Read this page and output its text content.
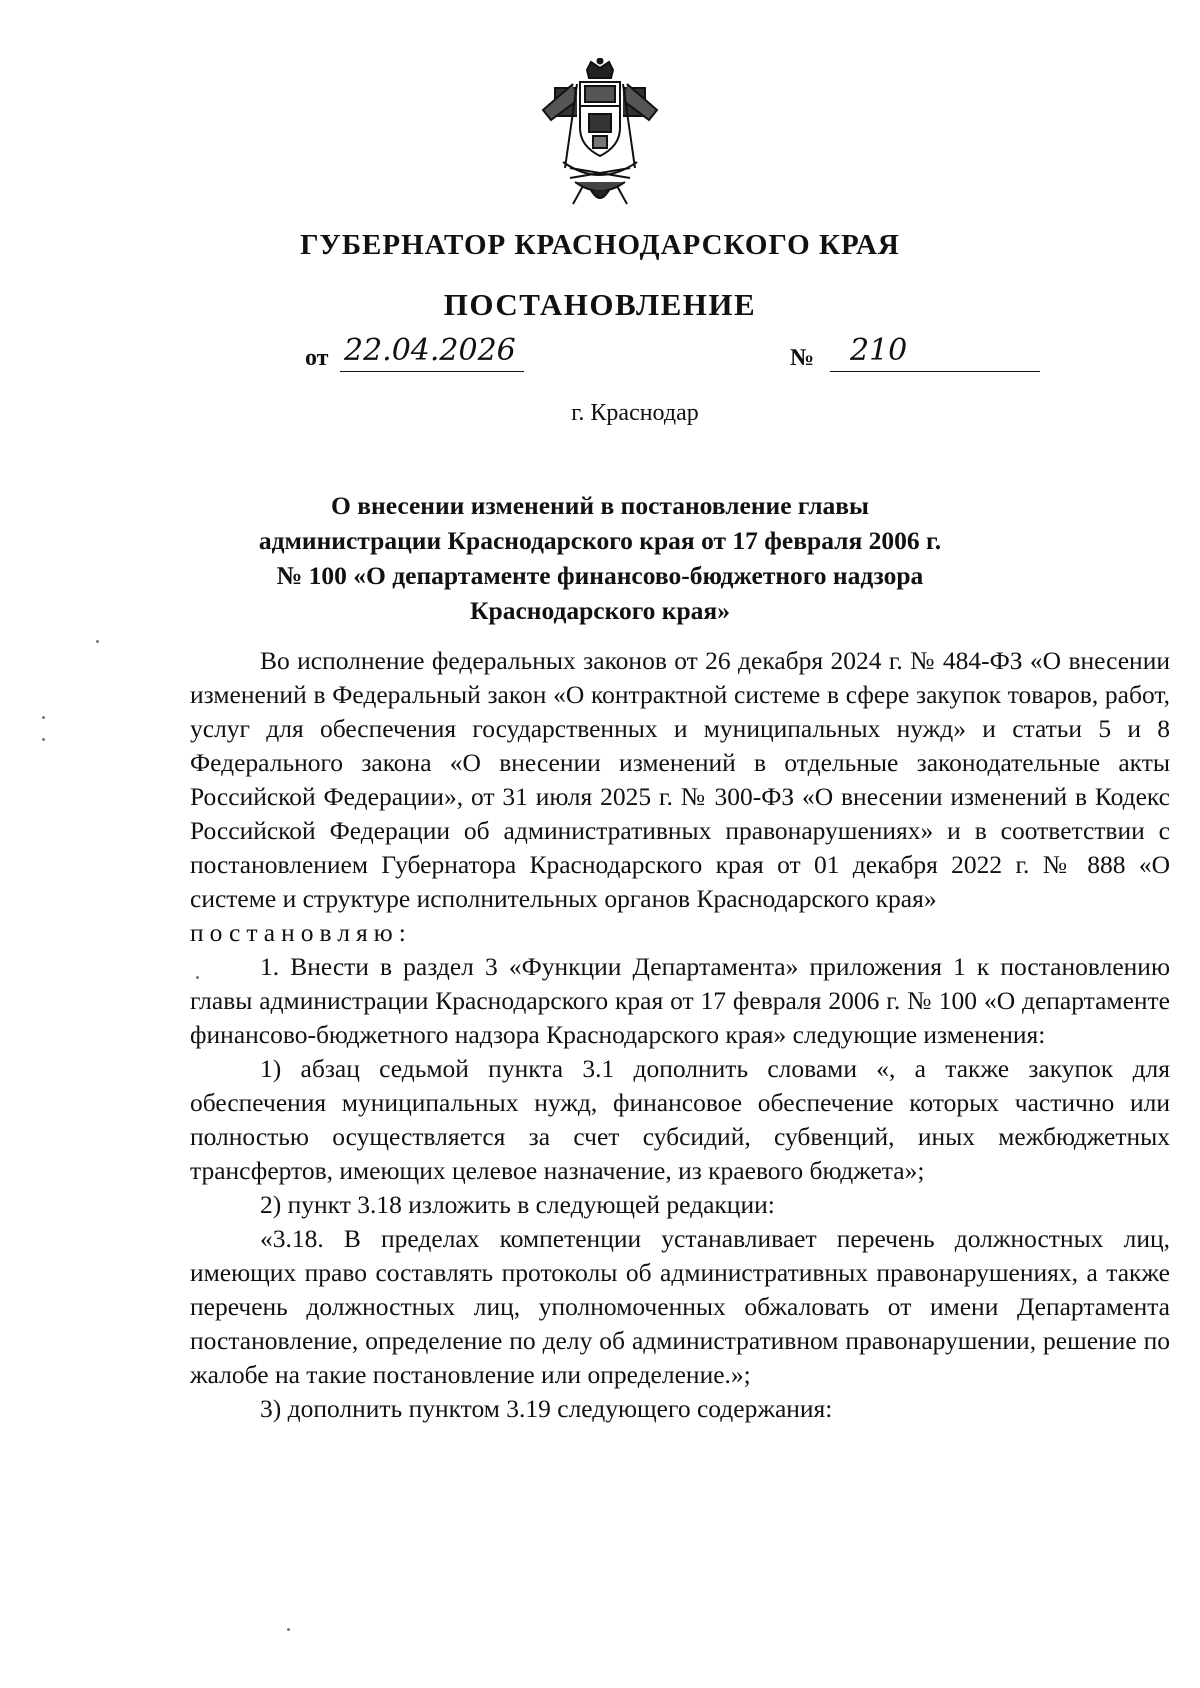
ГУБЕРНАТОР КРАСНОДАРСКОГО КРАЯ
ПОСТАНОВЛЕНИЕ
от 22.04.2026	№	210
г. Краснодар
О внесении изменений в постановление главы
администрации Краснодарского края от 17 февраля 2006 г.
№ 100 «О департаменте финансово-бюджетного надзора
Краснодарского края»

Во исполнение федеральных законов от 26 декабря 2024 г. № 484-ФЗ «О внесении изменений в Федеральный закон «О контрактной системе в сфере закупок товаров, работ, услуг для обеспечения государственных и муниципальных нужд» и статьи 5 и 8 Федерального закона «О внесении изменений в отдельные законодательные акты Российской Федерации», от 31 июля 2025 г. № 300-ФЗ «О внесении изменений в Кодекс Российской Федерации об административных правонарушениях» и в соответствии с постановлением Губернатора Краснодарского края от 01 декабря 2022 г. № 888 «О системе и структуре исполнительных органов Краснодарского края»
постановляю:

1. Внести в раздел 3 «Функции Департамента» приложения 1 к постановлению главы администрации Краснодарского края от 17 февраля 2006 г. № 100 «О департаменте финансово-бюджетного надзора Краснодарского края» следующие изменения:

1) абзац седьмой пункта 3.1 дополнить словами «, а также закупок для обеспечения муниципальных нужд, финансовое обеспечение которых частично или полностью осуществляется за счет субсидий, субвенций, иных межбюджетных трансфертов, имеющих целевое назначение, из краевого бюджета»;

2) пункт 3.18 изложить в следующей редакции:

«3.18. В пределах компетенции устанавливает перечень должностных лиц, имеющих право составлять протоколы об административных правонарушениях, а также перечень должностных лиц, уполномоченных обжаловать от имени Департамента постановление, определение по делу об административном правонарушении, решение по жалобе на такие постановление или определение.»;

3) дополнить пунктом 3.19 следующего содержания:
